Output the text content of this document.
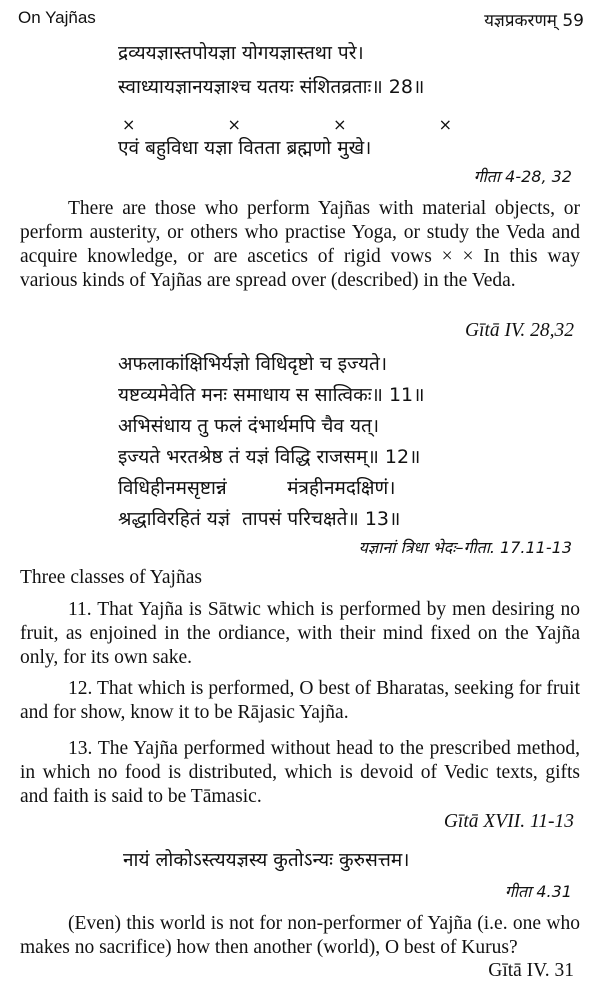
On Yajñas	यज्ञप्रकरणम् 59
द्रव्ययज्ञास्तपोयज्ञा योगयज्ञास्तथा परे।
स्वाध्यायज्ञानयज्ञाश्च यतयः संशितव्रताः॥ 28॥
×	×	×	×
एवं बहुविधा यज्ञा वितता ब्रह्मणो मुखे।
गीता 4-28, 32
There are those who perform Yajñas with material objects, or perform austerity, or others who practise Yoga, or study the Veda and acquire knowledge, or are ascetics of rigid vows × × In this way various kinds of Yajñas are spread over (described) in the Veda.
Gītā IV. 28,32
अफलाकांक्षिभिर्यज्ञो विधिदृष्टो च इज्यते।
यष्टव्यमेवेति मनः समाधाय स सात्विकः॥ 11॥
अभिसंधाय तु फलं दंभार्थमपि चैव यत्।
इज्यते भरतश्रेष्ठ तं यज्ञं विद्धि राजसम्॥ 12॥
विधिहीनमसृष्टान्नं          मंत्रहीनमदक्षिणं।
श्रद्धाविरहितं यज्ञं  तापसं परिचक्षते॥ 13॥
यज्ञानां त्रिधा भेदः–गीता. 17.11-13
Three classes of Yajñas
11. That Yajña is Sātwic which is performed by men desiring no fruit, as enjoined in the ordiance, with their mind fixed on the Yajña only, for its own sake.
12. That which is performed, O best of Bharatas, seeking for fruit and for show, know it to be Rājasic Yajña.
13. The Yajña performed without head to the prescribed method, in which no food is distributed, which is devoid of Vedic texts, gifts and faith is said to be Tāmasic.
Gītā XVII. 11-13
नायं लोकोऽस्त्ययज्ञस्य कुतोऽन्यः कुरुसत्तम।
गीता 4.31
(Even) this world is not for non-performer of Yajña (i.e. one who makes no sacrifice) how then another (world), O best of Kurus?
Gītā IV. 31
